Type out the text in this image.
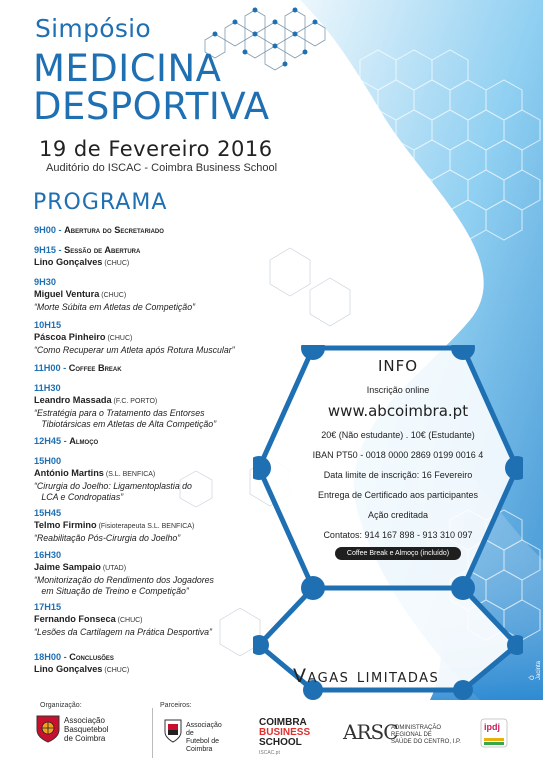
Simpósio
MEDICINA
DESPORTIVA
19 de Fevereiro 2016
Auditório do ISCAC - Coimbra Business School
PROGRAMA
9H00 - Abertura do Secretariado
9H15 - Sessão de Abertura
Lino Gonçalves (CHUC)
9H30
Miguel Ventura (CHUC)
“Morte Súbita em Atletas de Competição”
10H15
Páscoa Pinheiro (CHUC)
“Como Recuperar um Atleta após Rotura Muscular”
11H00 - Coffee Break
11H30
Leandro Massada (F.C. PORTO)
“Estratégia para o Tratamento das Entorses
Tibiotársicas em Atletas de Alta Competição”
12H45 - Almoço
15H00
António Martins (S.L. BENFICA)
“Cirurgia do Joelho: Ligamentoplastia do
LCA e Condropatias”
15H45
Telmo Firmino (Fisioterapeuta S.L. BENFICA)
“Reabilitação Pós-Cirurgia do Joelho”
16H30
Jaime Sampaio (UTAD)
“Monitorização do Rendimento dos Jogadores
em Situação de Treino e Competição”
17H15
Fernando Fonseca (CHUC)
“Lesões da Cartilagem na Prática Desportiva”
18H00 - Conclusões
Lino Gonçalves (CHUC)
INFO
Inscrição online
www.abcoimbra.pt
20€ (Não estudante) . 10€ (Estudante)
IBAN PT50 - 0018 0000 2869 0199 0016 4
Data limite de inscrição: 16 Fevereiro
Entrega de Certificado aos participantes
Ação creditada
Contatos: 914 167 898 - 913 310 097
Coffee Break e Almoço (incluído)
Vagas limitadas	Ó Jacinta
Organização:
Associação
Basquetebol
de Coimbra
Parceiros:
Associação
de
Futebol de
Coimbra
COIMBRA
BUSINESS
SCHOOL
ISCAC.pt
ARSC
ADMINISTRAÇÃO
REGIONAL DE
SAÚDE DO CENTRO, I.P.
ipdj
